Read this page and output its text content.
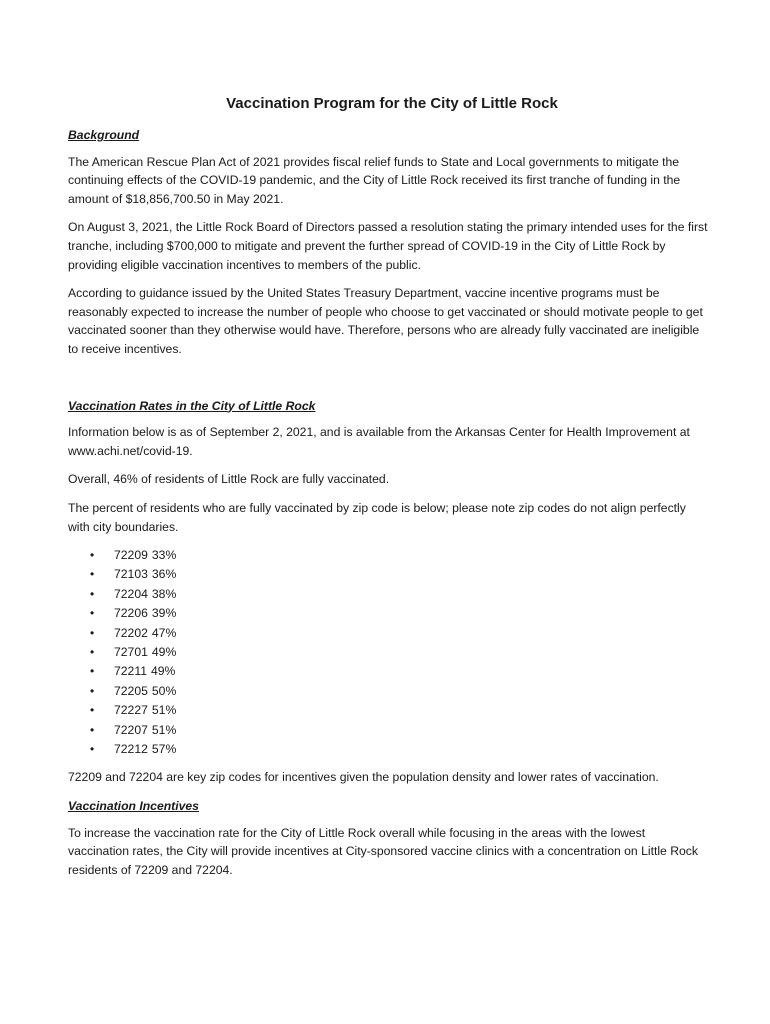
Vaccination Program for the City of Little Rock
Background

The American Rescue Plan Act of 2021 provides fiscal relief funds to State and Local governments to mitigate the continuing effects of the COVID-19 pandemic, and the City of Little Rock received its first tranche of funding in the amount of $18,856,700.50 in May 2021.

On August 3, 2021, the Little Rock Board of Directors passed a resolution stating the primary intended uses for the first tranche, including $700,000 to mitigate and prevent the further spread of COVID-19 in the City of Little Rock by providing eligible vaccination incentives to members of the public.

According to guidance issued by the United States Treasury Department, vaccine incentive programs must be reasonably expected to increase the number of people who choose to get vaccinated or should motivate people to get vaccinated sooner than they otherwise would have. Therefore, persons who are already fully vaccinated are ineligible to receive incentives.

Vaccination Rates in the City of Little Rock

Information below is as of September 2, 2021, and is available from the Arkansas Center for Health Improvement at www.achi.net/covid-19.

Overall, 46% of residents of Little Rock are fully vaccinated.

The percent of residents who are fully vaccinated by zip code is below; please note zip codes do not align perfectly with city boundaries.

• 72209 33%
• 72103 36%
• 72204 38%
• 72206 39%
• 72202 47%
• 72701 49%
• 72211 49%
• 72205 50%
• 72227 51%
• 72207 51%
• 72212 57%

72209 and 72204 are key zip codes for incentives given the population density and lower rates of vaccination.

Vaccination Incentives

To increase the vaccination rate for the City of Little Rock overall while focusing in the areas with the lowest vaccination rates, the City will provide incentives at City-sponsored vaccine clinics with a concentration on Little Rock residents of 72209 and 72204.
